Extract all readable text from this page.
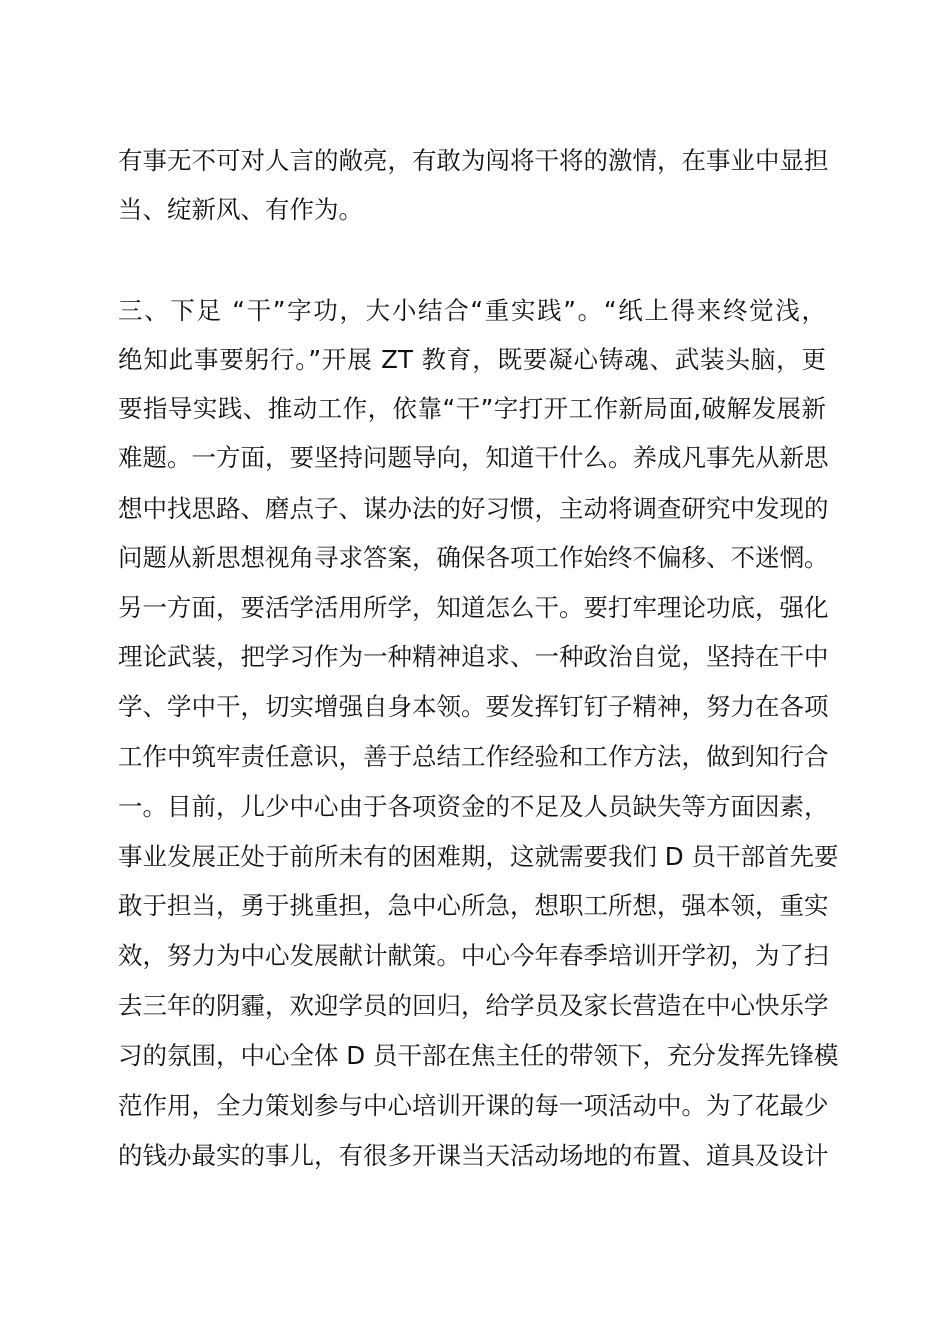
有事无不可对人言的敞亮，有敢为闯将干将的激情，在事业中显担
当、绽新风、有作为。
三、下足 “干”字功，大小结合“重实践”。“纸上得来终觉浅，
绝知此事要躬行。”开展 ZT 教育，既要凝心铸魂、武装头脑，更
要指导实践、推动工作，依靠“干”字打开工作新局面,破解发展新
难题。一方面，要坚持问题导向，知道干什么。养成凡事先从新思
想中找思路、磨点子、谋办法的好习惯，主动将调查研究中发现的
问题从新思想视角寻求答案，确保各项工作始终不偏移、不迷惘。
另一方面，要活学活用所学，知道怎么干。要打牢理论功底，强化
理论武装，把学习作为一种精神追求、一种政治自觉，坚持在干中
学、学中干，切实增强自身本领。要发挥钉钉子精神，努力在各项
工作中筑牢责任意识，善于总结工作经验和工作方法，做到知行合
一。目前，儿少中心由于各项资金的不足及人员缺失等方面因素，
事业发展正处于前所未有的困难期，这就需要我们 D 员干部首先要
敢于担当，勇于挑重担，急中心所急，想职工所想，强本领，重实
效，努力为中心发展献计献策。中心今年春季培训开学初，为了扫
去三年的阴霾，欢迎学员的回归，给学员及家长营造在中心快乐学
习的氛围，中心全体 D 员干部在焦主任的带领下，充分发挥先锋模
范作用，全力策划参与中心培训开课的每一项活动中。为了花最少
的钱办最实的事儿，有很多开课当天活动场地的布置、道具及设计
